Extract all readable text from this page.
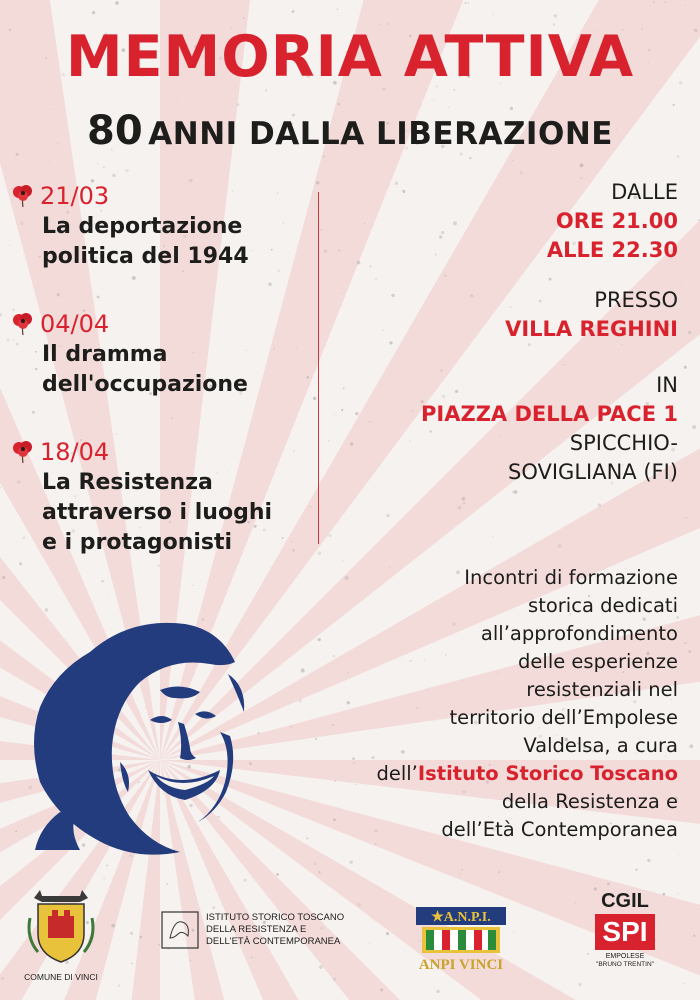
MEMORIA ATTIVA
80 ANNI DALLA LIBERAZIONE
21/03
La deportazione
politica del 1944
04/04
Il dramma
dell'occupazione
18/04
La Resistenza
attraverso i luoghi
e i protagonisti
DALLE
ORE 21.00
ALLE 22.30
PRESSO
VILLA REGHINI
IN
PIAZZA DELLA PACE 1
SPICCHIO-
SOVIGLIANA (FI)
Incontri di formazione
storica dedicati
all’approfondimento
delle esperienze
resistenziali nel
territorio dell’Empolese
Valdelsa, a cura
dell’Istituto Storico Toscano
della Resistenza e
dell’Età Contemporanea
COMUNE DI VINCI
ISTITUTO STORICO TOSCANO
DELLA RESISTENZA E
DELL'ETÀ CONTEMPORANEA
★A.N.P.I.
ANPI VINCI
CGIL
SPI
EMPOLESE
"BRUNO TRENTIN"
